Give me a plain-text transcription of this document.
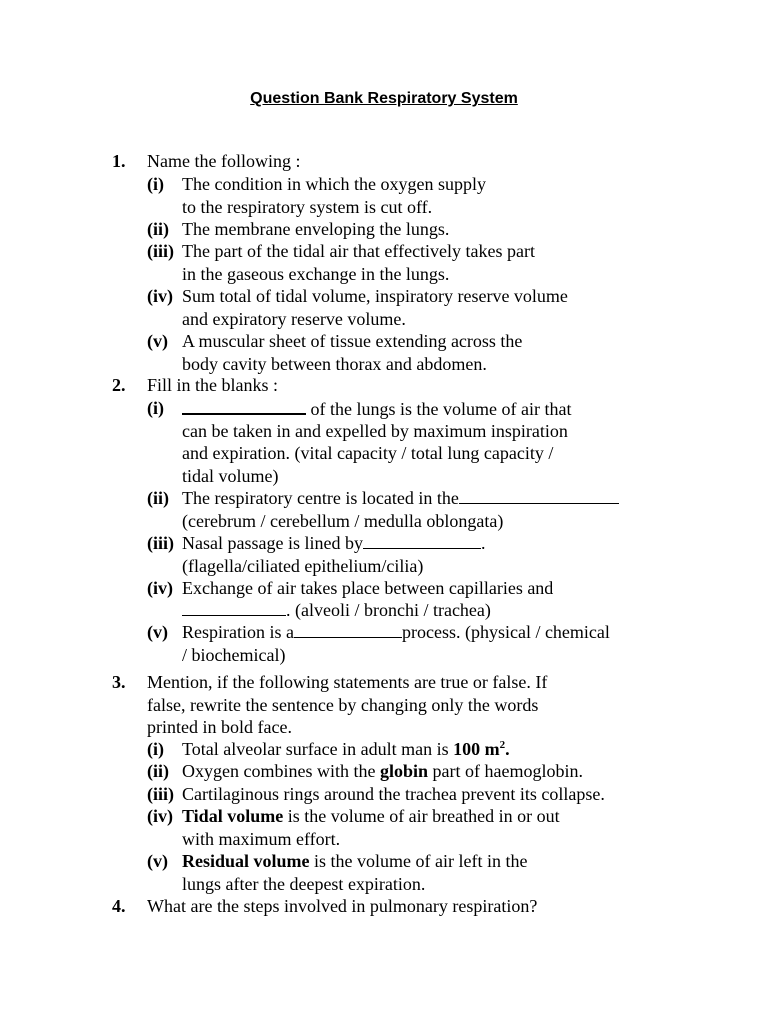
Question Bank Respiratory System
1. Name the following :
(i) The condition in which the oxygen supply
to the respiratory system is cut off.
(ii) The membrane enveloping the lungs.
(iii) The part of the tidal air that effectively takes part
in the gaseous exchange in the lungs.
(iv) Sum total of tidal volume, inspiratory reserve volume
and expiratory reserve volume.
(v) A muscular sheet of tissue extending across the
body cavity between thorax and abdomen.
2. Fill in the blanks :
(i)	of the lungs is the volume of air that
can be taken in and expelled by maximum inspiration
and expiration. (vital capacity / total lung capacity /
tidal volume)
(ii) The respiratory centre is located in the
(cerebrum / cerebellum / medulla oblongata)
(iii) Nasal passage is lined by	.
(flagella/ciliated epithelium/cilia)
(iv) Exchange of air takes place between capillaries and
. (alveoli / bronchi / trachea)
(v) Respiration is a	process. (physical / chemical
/ biochemical)
3. Mention, if the following statements are true or false. If
false, rewrite the sentence by changing only the words
printed in bold face.
(i) Total alveolar surface in adult man is 100 $m^2$.
(ii) Oxygen combines with the globin part of haemoglobin.
(iii) Cartilaginous rings around the trachea prevent its collapse.
(iv) Tidal volume is the volume of air breathed in or out
with maximum effort.
(v) Residual volume is the volume of air left in the
lungs after the deepest expiration.
4. What are the steps involved in pulmonary respiration?
